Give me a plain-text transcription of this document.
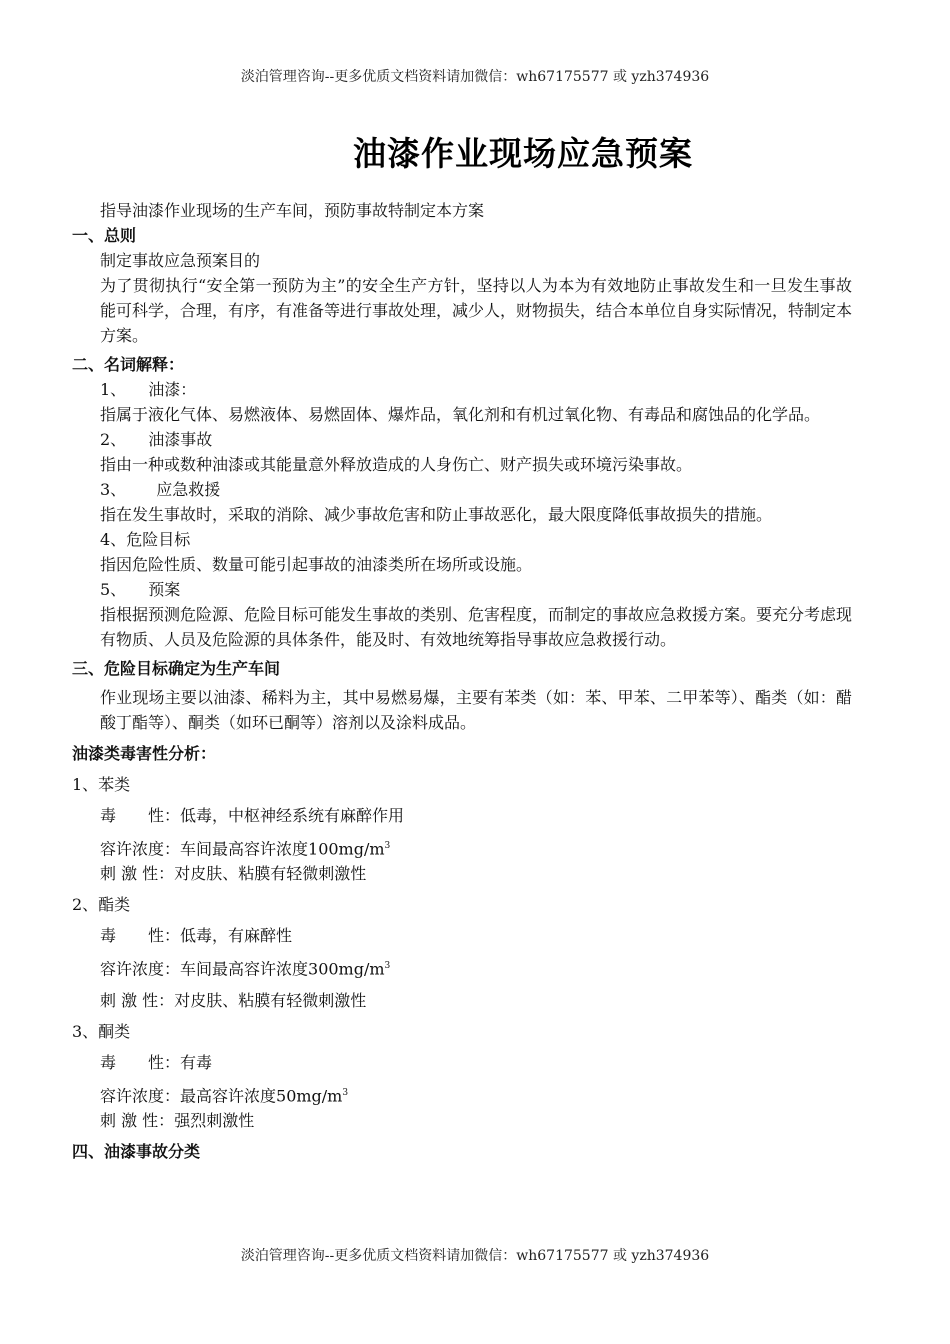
淡泊管理咨询--更多优质文档资料请加微信：wh67175577 或 yzh374936
油漆作业现场应急预案

指导油漆作业现场的生产车间，预防事故特制定本方案

一、总则

制定事故应急预案目的

为了贯彻执行“安全第一预防为主”的安全生产方针，坚持以人为本为有效地防止事故发生和一旦发生事故能可科学，合理，有序，有准备等进行事故处理，减少人，财物损失，结合本单位自身实际情况，特制定本方案。

二、名词解释：

1、 油漆：

指属于液化气体、易燃液体、易燃固体、爆炸品，氧化剂和有机过氧化物、有毒品和腐蚀品的化学品。

2、 油漆事故

指由一种或数种油漆或其能量意外释放造成的人身伤亡、财产损失或环境污染事故。

3、 应急救援

指在发生事故时，采取的消除、减少事故危害和防止事故恶化，最大限度降低事故损失的措施。

4、危险目标

指因危险性质、数量可能引起事故的油漆类所在场所或设施。

5、 预案

指根据预测危险源、危险目标可能发生事故的类别、危害程度，而制定的事故应急救援方案。要充分考虑现有物质、人员及危险源的具体条件，能及时、有效地统筹指导事故应急救援行动。

三、危险目标确定为生产车间

作业现场主要以油漆、稀料为主，其中易燃易爆，主要有苯类（如：苯、甲苯、二甲苯等）、酯类（如：醋酸丁酯等）、酮类（如环已酮等）溶剂以及涂料成品。

油漆类毒害性分析：

1、苯类

毒　　性：低毒，中枢神经系统有麻醉作用

容许浓度：车间最高容许浓度$100mg/m^3$

刺 激 性：对皮肤、粘膜有轻微刺激性

2、酯类

毒　　性：低毒，有麻醉性

容许浓度：车间最高容许浓度$300mg/m^3$

刺 激 性：对皮肤、粘膜有轻微刺激性

3、酮类

毒　　性：有毒

容许浓度：最高容许浓度$50mg/m^3$

刺 激 性：强烈刺激性

四、油漆事故分类

淡泊管理咨询--更多优质文档资料请加微信：wh67175577 或 yzh374936
